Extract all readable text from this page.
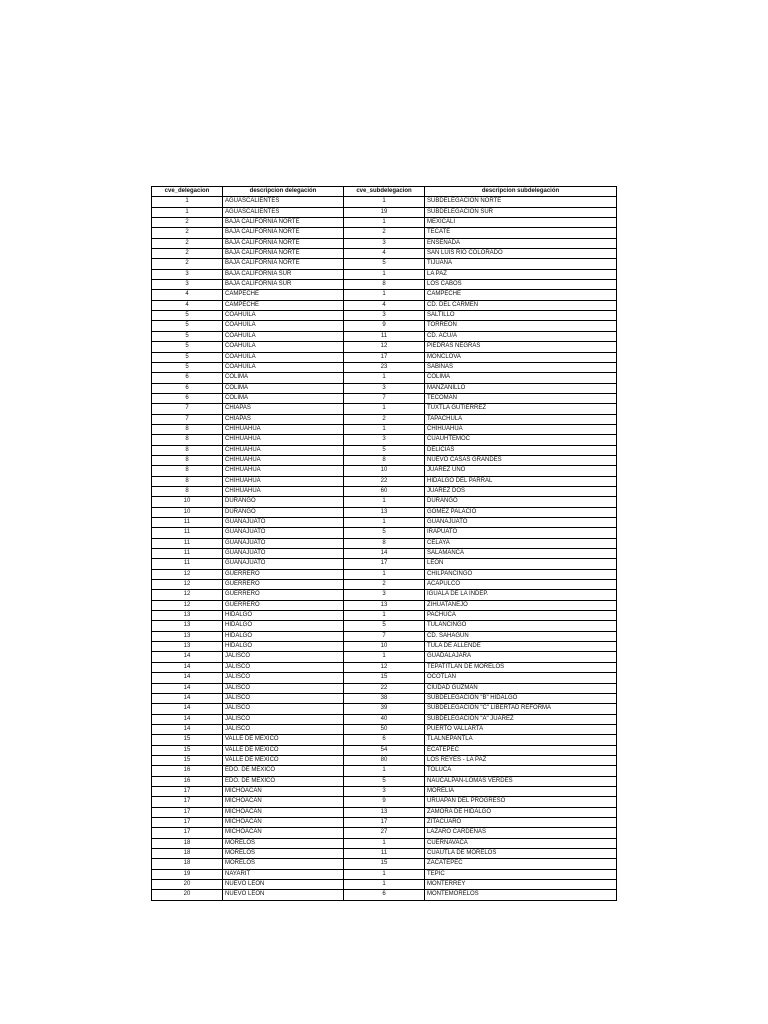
cve_delegacion	descripcion delegación	cve_subdelegacion	descripcion subdelegación
1	AGUASCALIENTES	1	SUBDELEGACION NORTE
1	AGUASCALIENTES	19	SUBDELEGACION SUR
2	BAJA CALIFORNIA NORTE	1	MEXICALI
2	BAJA CALIFORNIA NORTE	2	TECATE
2	BAJA CALIFORNIA NORTE	3	ENSENADA
2	BAJA CALIFORNIA NORTE	4	SAN LUIS RIO COLORADO
2	BAJA CALIFORNIA NORTE	5	TIJUANA
3	BAJA CALIFORNIA SUR	1	LA PAZ
3	BAJA CALIFORNIA SUR	8	LOS CABOS
4	CAMPECHE	1	CAMPECHE
4	CAMPECHE	4	CD. DEL CARMEN
5	COAHUILA	3	SALTILLO
5	COAHUILA	9	TORREON
5	COAHUILA	11	CD. ACU/A
5	COAHUILA	12	PIEDRAS NEGRAS
5	COAHUILA	17	MONCLOVA
5	COAHUILA	23	SABINAS
6	COLIMA	1	COLIMA
6	COLIMA	3	MANZANILLO
6	COLIMA	7	TECOMAN
7	CHIAPAS	1	TUXTLA GUTIERREZ
7	CHIAPAS	2	TAPACHULA
8	CHIHUAHUA	1	CHIHUAHUA
8	CHIHUAHUA	3	CUAUHTEMOC
8	CHIHUAHUA	5	DELICIAS
8	CHIHUAHUA	8	NUEVO CASAS GRANDES
8	CHIHUAHUA	10	JUAREZ UNO
8	CHIHUAHUA	22	HIDALGO DEL PARRAL
8	CHIHUAHUA	60	JUAREZ DOS
10	DURANGO	1	DURANGO
10	DURANGO	13	GOMEZ PALACIO
11	GUANAJUATO	1	GUANAJUATO
11	GUANAJUATO	5	IRAPUATO
11	GUANAJUATO	8	CELAYA
11	GUANAJUATO	14	SALAMANCA
11	GUANAJUATO	17	LEON
12	GUERRERO	1	CHILPANCINGO
12	GUERRERO	2	ACAPULCO
12	GUERRERO	3	IGUALA DE LA INDEP.
12	GUERRERO	13	ZIHUATANEJO
13	HIDALGO	1	PACHUCA
13	HIDALGO	5	TULANCINGO
13	HIDALGO	7	CD. SAHAGUN
13	HIDALGO	10	TULA DE ALLENDE
14	JALISCO	1	GUADALAJARA
14	JALISCO	12	TEPATITLAN DE MORELOS
14	JALISCO	15	OCOTLAN
14	JALISCO	22	CIUDAD GUZMAN
14	JALISCO	38	SUBDELEGACION "B" HIDALGO
14	JALISCO	39	SUBDELEGACION "C" LIBERTAD REFORMA
14	JALISCO	40	SUBDELEGACION "A" JUAREZ
14	JALISCO	50	PUERTO VALLARTA
15	VALLE DE MEXICO	6	TLALNEPANTLA
15	VALLE DE MEXICO	54	ECATEPEC
15	VALLE DE MEXICO	80	LOS REYES - LA PAZ
16	EDO. DE MEXICO	1	TOLUCA
16	EDO. DE MEXICO	5	NAUCALPAN-LOMAS VERDES
17	MICHOACAN	3	MORELIA
17	MICHOACAN	9	URUAPAN DEL PROGRESO
17	MICHOACAN	13	ZAMORA DE HIDALGO
17	MICHOACAN	17	ZITACUARO
17	MICHOACAN	27	LAZARO CARDENAS
18	MORELOS	1	CUERNAVACA
18	MORELOS	11	CUAUTLA DE MORELOS
18	MORELOS	15	ZACATEPEC
19	NAYARIT	1	TEPIC
20	NUEVO LEON	1	MONTERREY
20	NUEVO LEON	6	MONTEMORELOS
